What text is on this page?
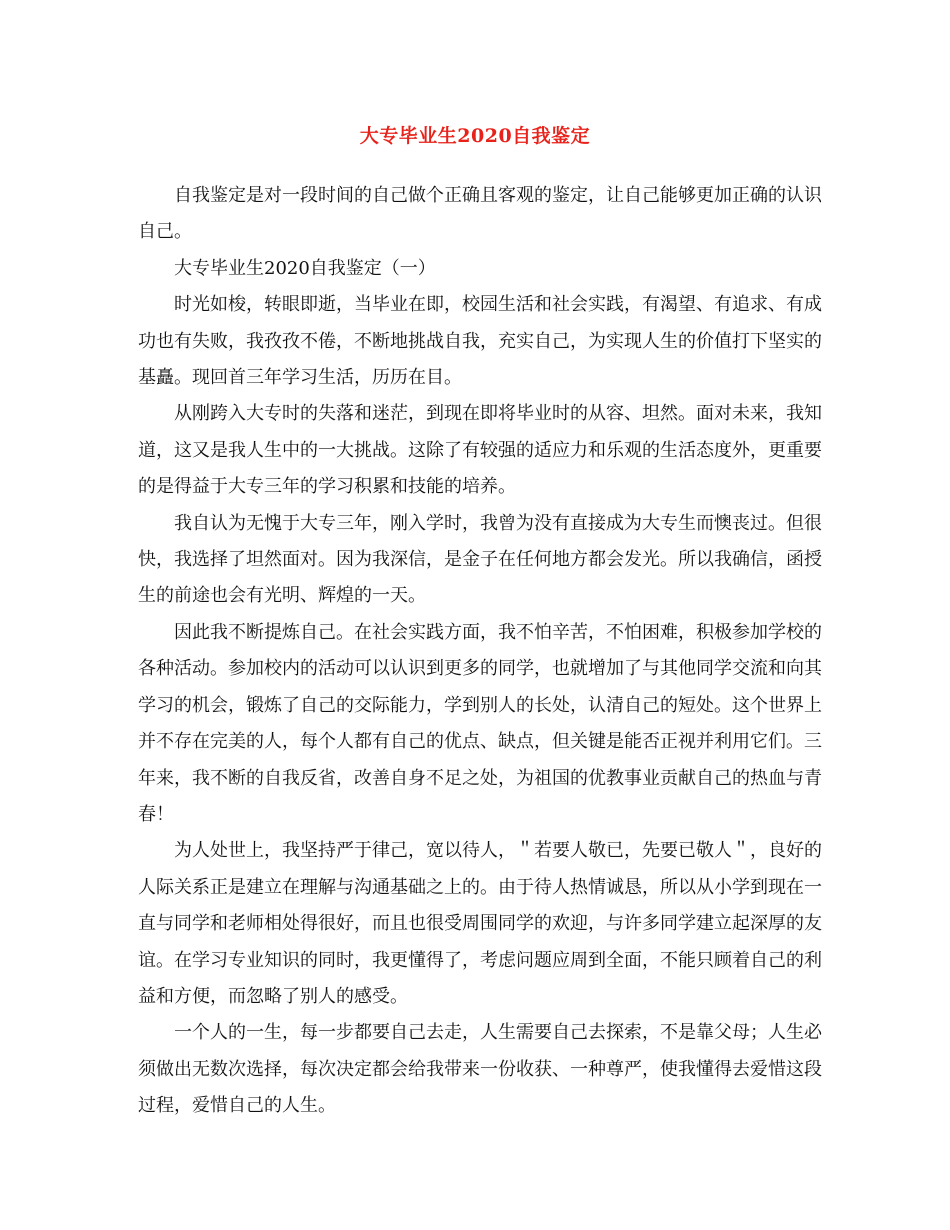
大专毕业生2020自我鉴定

自我鉴定是对一段时间的自己做个正确且客观的鉴定，让自己能够更加正确的认识自己。

大专毕业生2020自我鉴定（一）

时光如梭，转眼即逝，当毕业在即，校园生活和社会实践，有渴望、有追求、有成功也有失败，我孜孜不倦，不断地挑战自我，充实自己，为实现人生的价值打下坚实的基矗。现回首三年学习生活，历历在目。

从刚跨入大专时的失落和迷茫，到现在即将毕业时的从容、坦然。面对未来，我知道，这又是我人生中的一大挑战。这除了有较强的适应力和乐观的生活态度外，更重要的是得益于大专三年的学习积累和技能的培养。

我自认为无愧于大专三年，刚入学时，我曾为没有直接成为大专生而懊丧过。但很快，我选择了坦然面对。因为我深信，是金子在任何地方都会发光。所以我确信，函授生的前途也会有光明、辉煌的一天。

因此我不断提炼自己。在社会实践方面，我不怕辛苦，不怕困难，积极参加学校的各种活动。参加校内的活动可以认识到更多的同学，也就增加了与其他同学交流和向其学习的机会，锻炼了自己的交际能力，学到别人的长处，认清自己的短处。这个世界上并不存在完美的人，每个人都有自己的优点、缺点，但关键是能否正视并利用它们。三年来，我不断的自我反省，改善自身不足之处，为祖国的优教事业贡献自己的热血与青春！

为人处世上，我坚持严于律己，宽以待人，＂若要人敬已，先要已敬人＂，良好的人际关系正是建立在理解与沟通基础之上的。由于待人热情诚恳，所以从小学到现在一直与同学和老师相处得很好，而且也很受周围同学的欢迎，与许多同学建立起深厚的友谊。在学习专业知识的同时，我更懂得了，考虑问题应周到全面，不能只顾着自己的利益和方便，而忽略了别人的感受。

一个人的一生，每一步都要自己去走，人生需要自己去探索，不是靠父母；人生必须做出无数次选择，每次决定都会给我带来一份收获、一种尊严，使我懂得去爱惜这段过程，爱惜自己的人生。
